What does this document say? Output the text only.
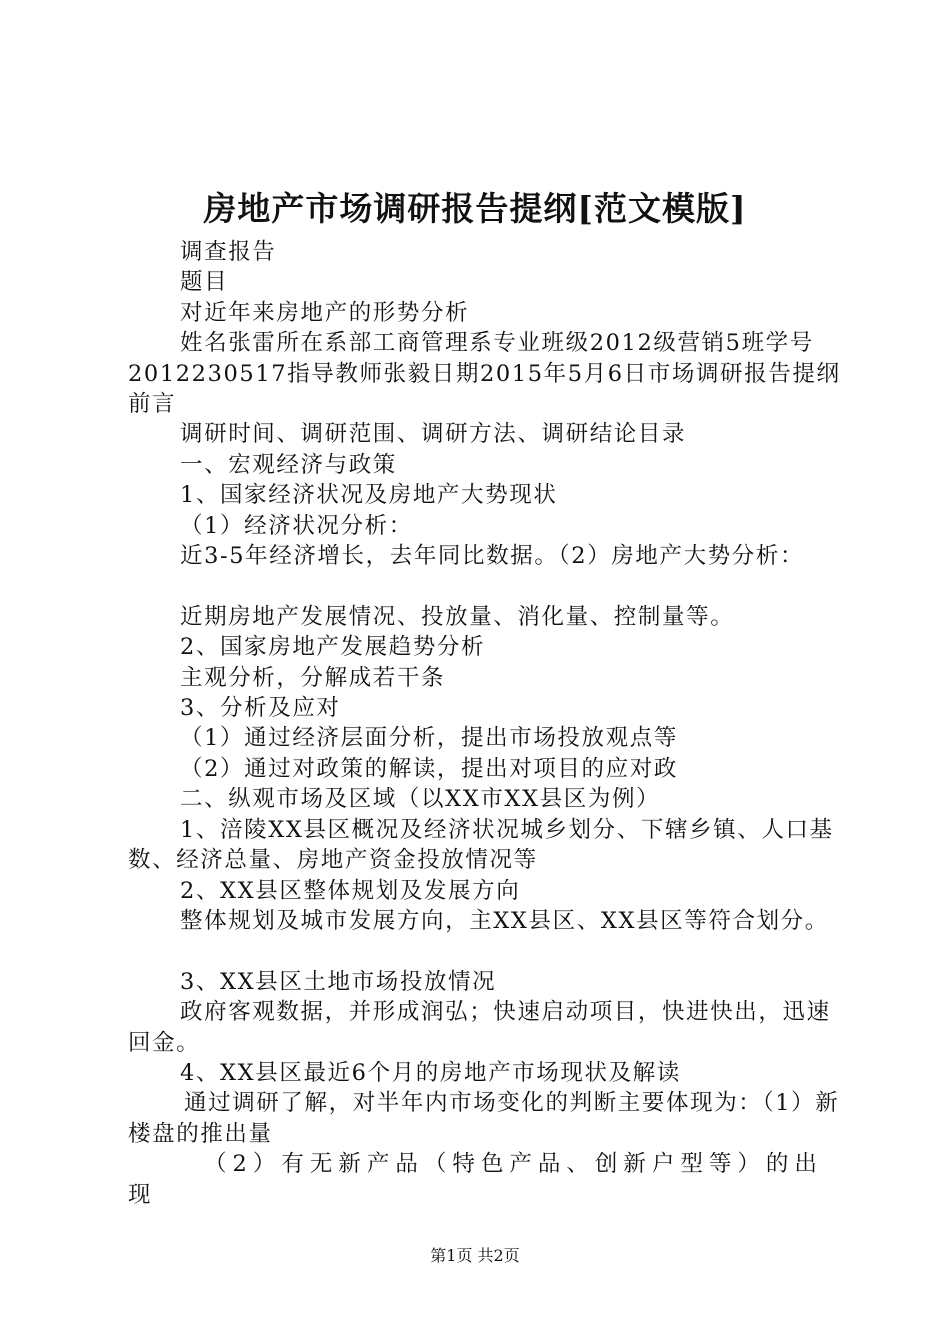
房地产市场调研报告提纲[范文模版]

调查报告

题目

对近年来房地产的形势分析

姓名张雷所在系部工商管理系专业班级2012级营销5班学号2012230517指导教师张毅日期2015年5月6日市场调研报告提纲前言

调研时间、调研范围、调研方法、调研结论目录

一、宏观经济与政策

1、国家经济状况及房地产大势现状

（1）经济状况分析：

近3-5年经济增长，去年同比数据。（2）房地产大势分析：

近期房地产发展情况、投放量、消化量、控制量等。

2、国家房地产发展趋势分析

主观分析，分解成若干条

3、分析及应对

（1）通过经济层面分析，提出市场投放观点等

（2）通过对政策的解读，提出对项目的应对政

二、纵观市场及区域（以XX市XX县区为例）

1、涪陵XX县区概况及经济状况城乡划分、下辖乡镇、人口基数、经济总量、房地产资金投放情况等

2、XX县区整体规划及发展方向

整体规划及城市发展方向，主XX县区、XX县区等符合划分。

3、XX县区土地市场投放情况

政府客观数据，并形成润弘；快速启动项目，快进快出，迅速回金。

4、XX县区最近6个月的房地产市场现状及解读

通过调研了解，对半年内市场变化的判断主要体现为：（1）新楼盘的推出量

（2）有无新产品（特色产品、创新户型等）的出现

第1页 共2页
